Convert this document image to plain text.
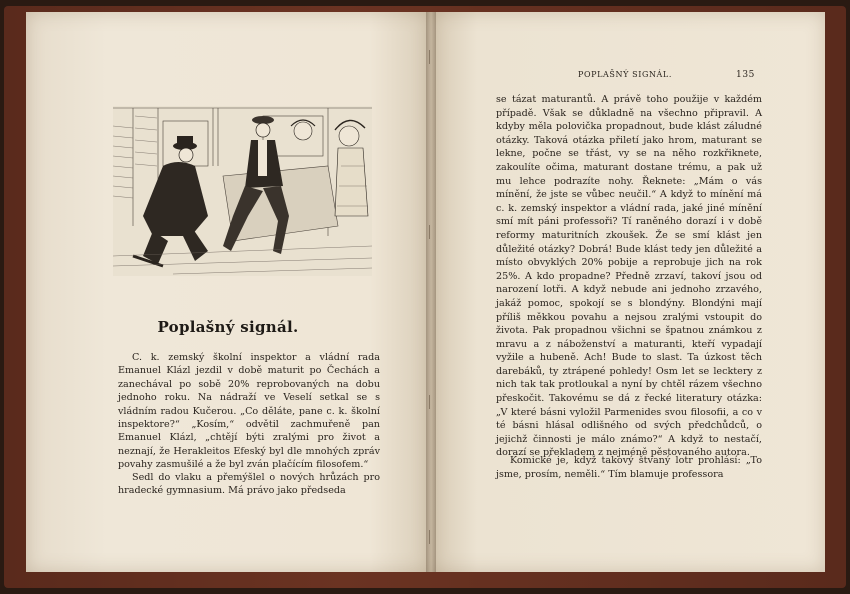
Poplašný signál.
C. k. zemský školní inspektor a vládní rada Emanuel Klázl jezdil v době maturit po Čechách a zanechával po sobě 20% reprobovaných na dobu jednoho roku. Na nádraží ve Veselí setkal se s vládním radou Kučerou. „Co děláte, pane c. k. školní inspektore?“ „Kosím,“ odvětil zachmuřeně pan Emanuel Klázl, „chtějí býti zralými pro život a neznají, že Herakleitos Efeský byl dle mnohých zpráv povahy zasmušilé a že byl zván plačícím filosofem.“
Sedl do vlaku a přemýšlel o nových hrůzách pro hradecké gymnasium. Má právo jako předseda
POPLAŠNÝ SIGNÁL.	135
se tázat maturantů. A právě toho použije v každém případě. Však se důkladně na všechno připravil. A kdyby měla polovička propadnout, bude klást záludné otázky. Taková otázka přiletí jako hrom, maturant se lekne, počne se třást, vy se na něho rozkřiknete, zakoulíte očima, maturant dostane trému, a pak už mu lehce podrazíte nohy. Řeknete: „Mám o vás mínění, že jste se vůbec neučil.“ A když to mínění má c. k. zemský inspektor a vládní rada, jaké jiné mínění smí mít páni professoři? Tí raněného dorazí i v době reformy maturitních zkoušek. Že se smí klást jen důležité otázky? Dobrá! Bude klást tedy jen důležité a místo obvyklých 20% pobije a reprobuje jich na rok 25%. A kdo propadne? Předně zrzaví, takoví jsou od narození lotři. A když nebude ani jednoho zrzavého, jakáž pomoc, spokojí se s blondýny. Blondýni mají příliš měkkou povahu a nejsou zralými vstoupit do života. Pak propadnou všichni se špatnou známkou z mravu a z náboženství a maturanti, kteří vypadají vyžile a hubeně. Ach! Bude to slast. Ta úzkost těch darebáků, ty ztrápené pohledy! Osm let se lecktery z nich tak tak protloukal a nyní by chtěl rázem všechno přeskočit. Takovému se dá z řecké literatury otázka: „V které básni vyložil Parmenides svou filosofii, a co v té básni hlásal odlišného od svých předchůdců, o jejichž činnosti je málo známo?“ A když to nestačí, dorazí se překladem z nejméně pěstovaného autora.
Komické je, když takový štvaný lotr prohlásí: „To jsme, prosím, neměli.“ Tím blamuje professora
